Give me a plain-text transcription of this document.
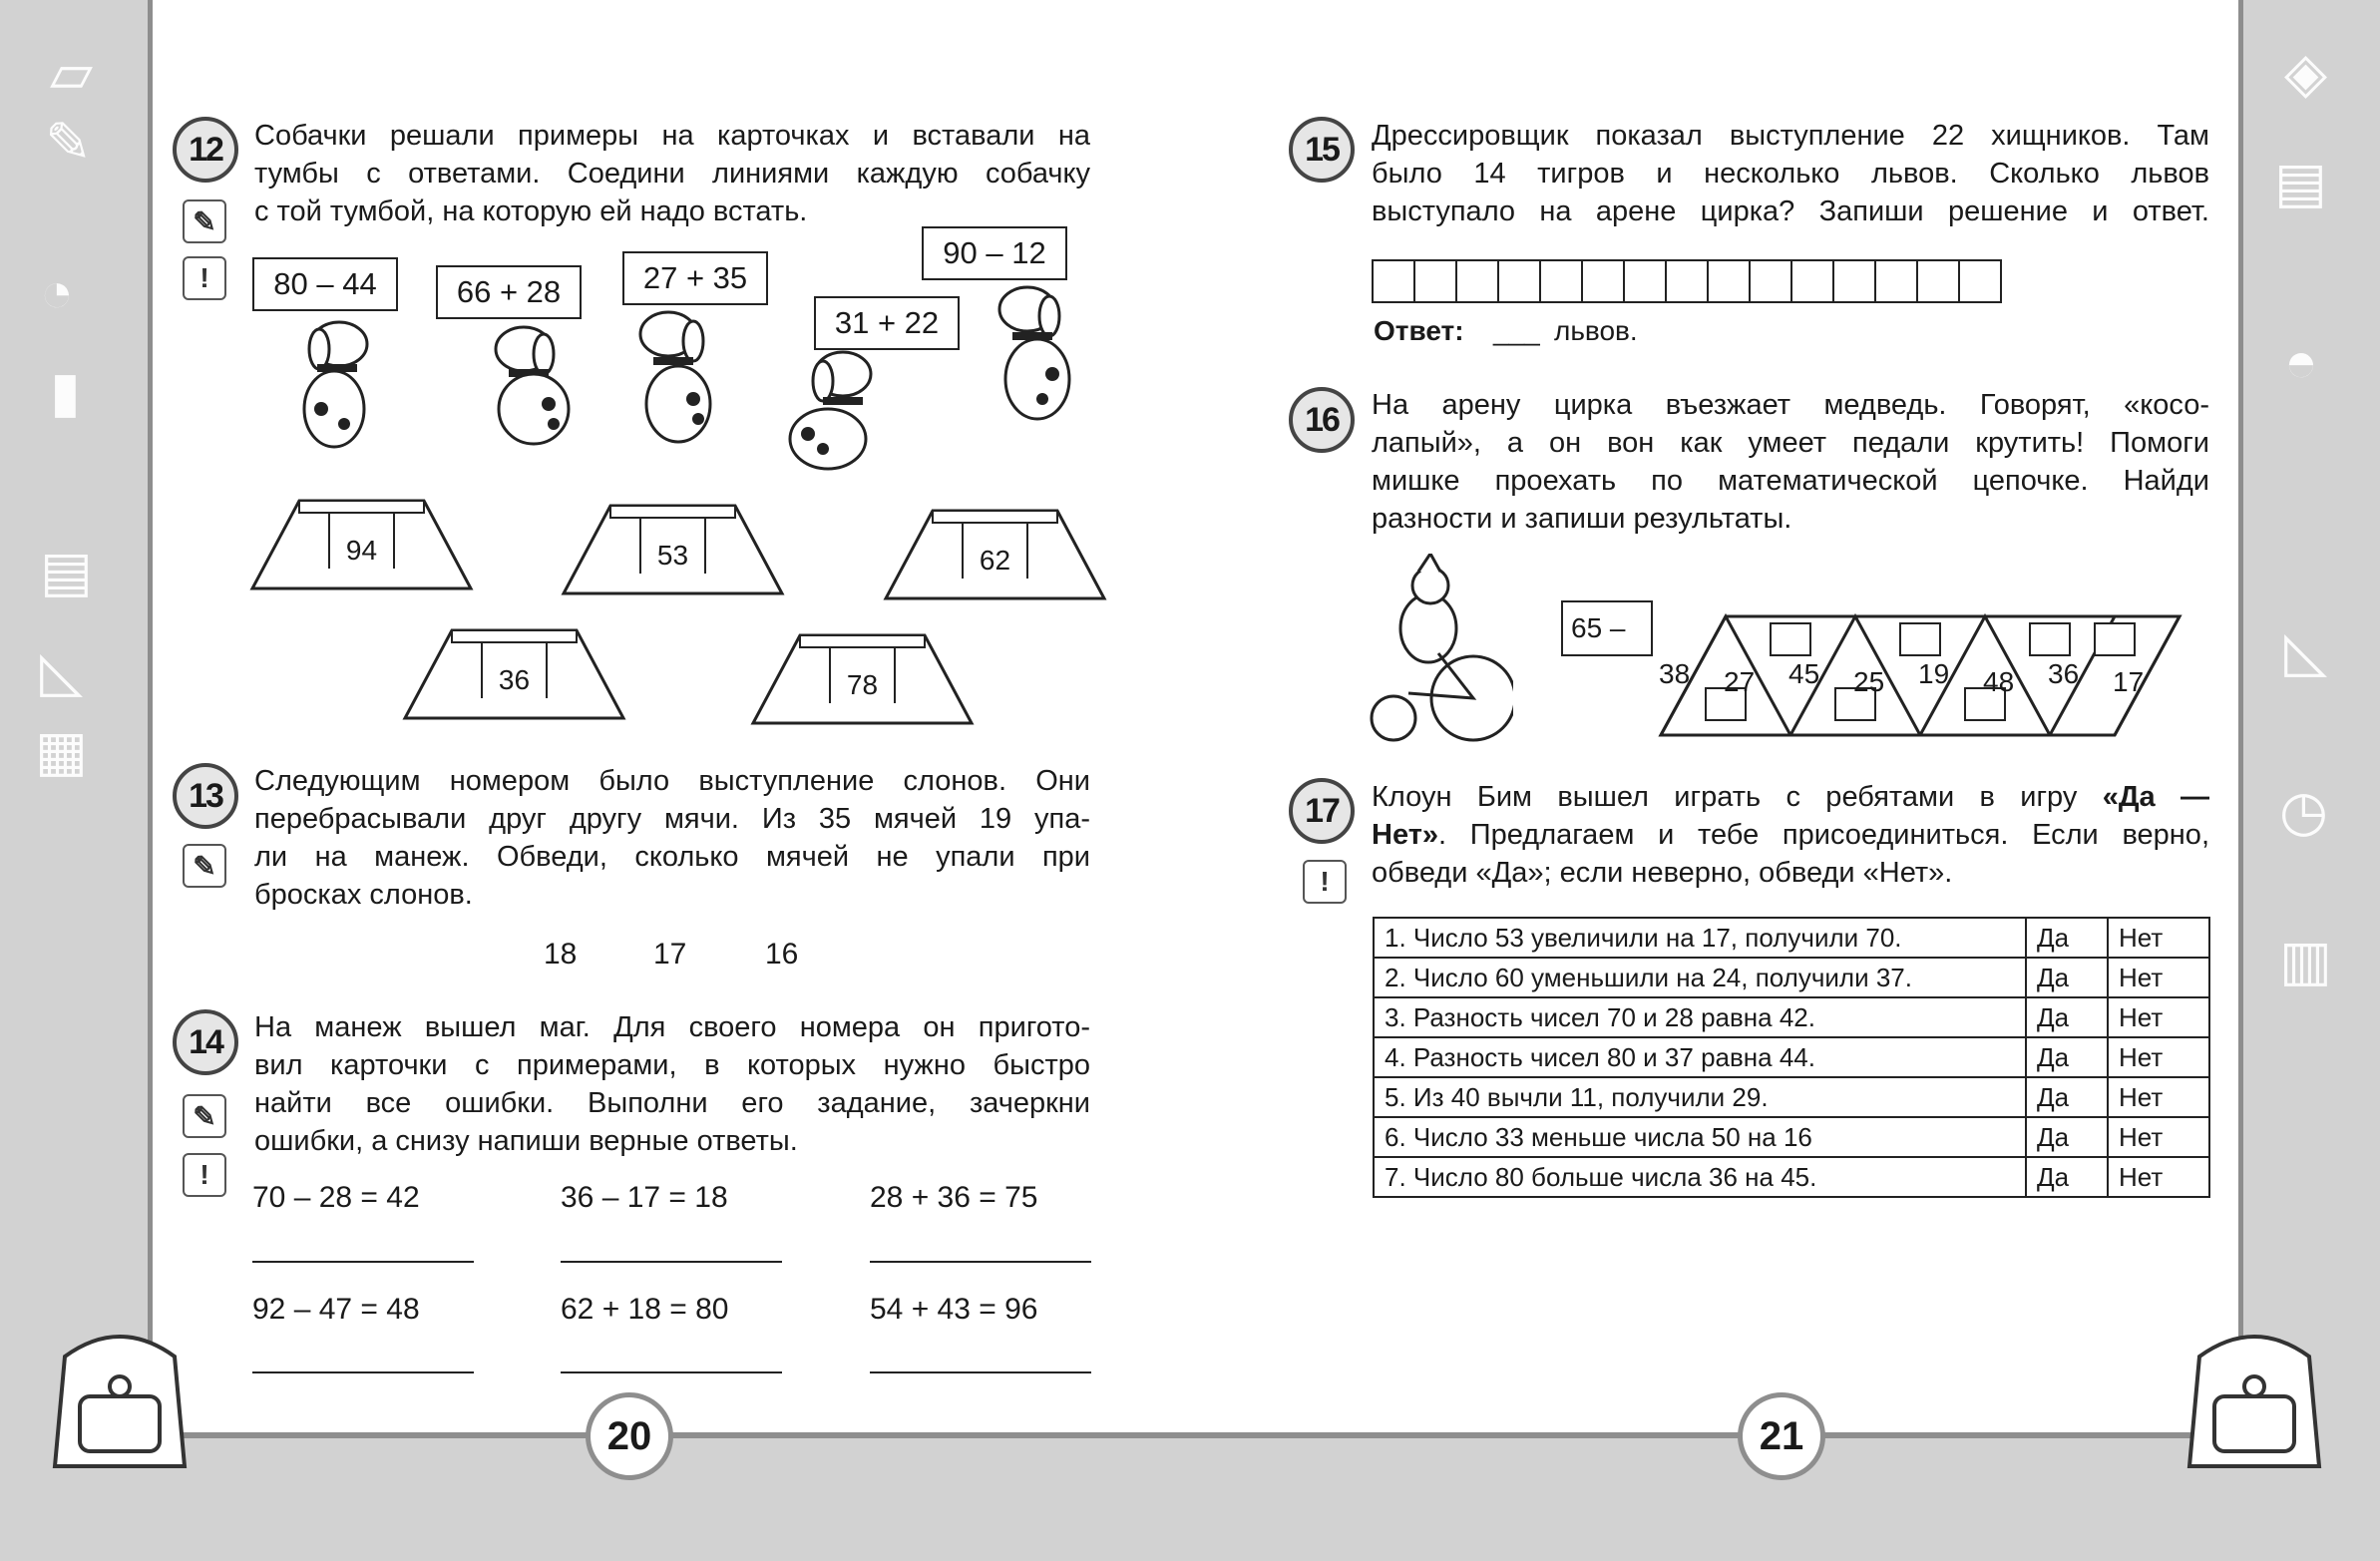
▱
✎
◔
▮
▤
◺
▦
◈
▤
◓
◺
◷
▥
20	21
12
✎
!
Собачки решали примеры на карточках и вставали на
тумбы с ответами. Соедини линиями каждую собачку
с той тумбой, на которую ей надо встать.
80 – 44	66 + 28	27 + 35
31 + 22
90 – 12
94	53	62
36	78
13
✎
Следующим номером было выступление слонов. Они
перебрасывали друг другу мячи. Из 35 мячей 19 упа-
ли на манеж. Обведи, сколько мячей не упали при
бросках слонов.
18	17	16
14
✎
!
На манеж вышел маг. Для своего номера он пригото-
вил карточки с примерами, в которых нужно быстро
найти все ошибки. Выполни его задание, зачеркни
ошибки, а снизу напиши верные ответы.
70 – 28 = 42	36 – 17 = 18	28 + 36 = 75
92 – 47 = 48	62 + 18 = 80	54 + 43 = 96
15	Дрессировщик показал выступление 22 хищников. Там
было 14 тигров и несколько львов. Сколько львов
выступало на арене цирка? Запиши решение и ответ.
Ответ: ___ львов.
16	На арену цирка въезжает медведь. Говорят, «косо-
лапый», а он вон как умеет педали крутить! Помоги
мишке проехать по математической цепочке. Найди
разности и запиши результаты.
65 –
38 27 45 25 19 48 36 17
17
!
Клоун Бим вышел играть с ребятами в игру «Да —
Нет». Предлагаем и тебе присоединиться. Если верно,
обведи «Да»; если неверно, обведи «Нет».
1. Число 53 увеличили на 17, получили 70.	Да	Нет
2. Число 60 уменьшили на 24, получили 37.	Да	Нет
3. Разность чисел 70 и 28 равна 42.	Да	Нет
4. Разность чисел 80 и 37 равна 44.	Да	Нет
5. Из 40 вычли 11, получили 29.	Да	Нет
6. Число 33 меньше числа 50 на 16	Да	Нет
7. Число 80 больше числа 36 на 45.	Да	Нет
